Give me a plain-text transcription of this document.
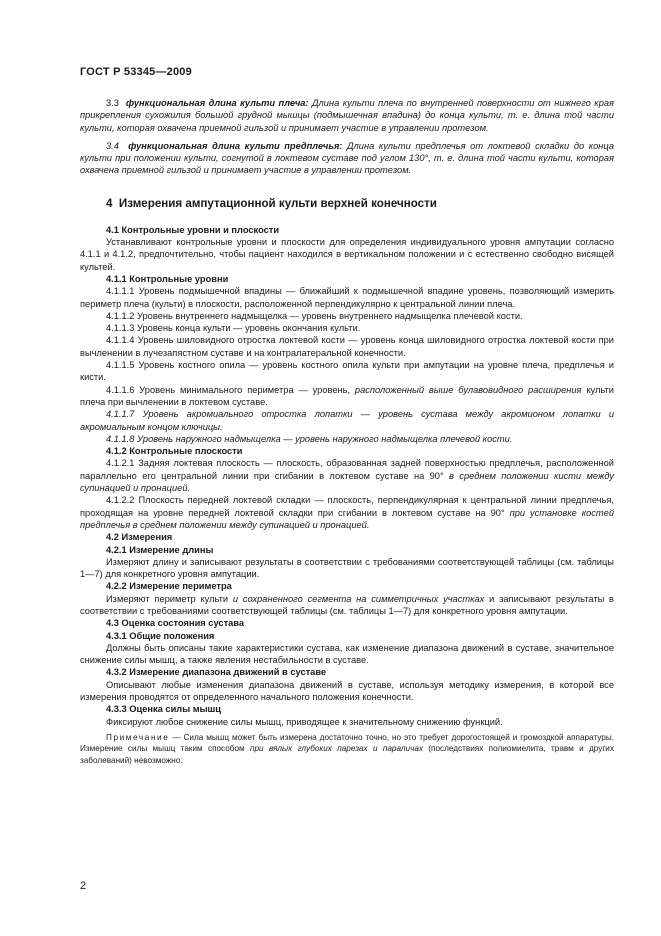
ГОСТ Р 53345—2009

3.3 функциональная длина культи плеча: Длина культи плеча по внутренней поверхности от нижнего края прикрепления сухожилия большой грудной мышцы (подмышечная впадина) до конца культи, т. е. длина той части культи, которая охвачена приемной гильзой и принимает участие в управлении протезом.

3.4 функциональная длина культи предплечья: Длина культи предплечья от локтевой складки до конца культи при положении культи, согнутой в локтевом суставе под углом 130°, т. е. длина той части культи, которая охвачена приемной гильзой и принимает участие в управлении протезом.

4 Измерения ампутационной культи верхней конечности

4.1 Контрольные уровни и плоскости

Устанавливают контрольные уровни и плоскости для определения индивидуального уровня ампутации согласно 4.1.1 и 4.1.2, предпочтительно, чтобы пациент находился в вертикальном положении и с естественно свободно висящей культей.

4.1.1 Контрольные уровни

4.1.1.1 Уровень подмышечной впадины — ближайший к подмышечной впадине уровень, позволяющий измерить периметр плеча (культи) в плоскости, расположенной перпендикулярно к центральной линии плеча.

4.1.1.2 Уровень внутреннего надмыщелка — уровень внутреннего надмыщелка плечевой кости.

4.1.1.3 Уровень конца культи — уровень окончания культи.

4.1.1.4 Уровень шиловидного отростка локтевой кости — уровень конца шиловидного отростка локтевой кости при вычленении в лучезапястном суставе и на контралатеральной конечности.

4.1.1.5 Уровень костного опила — уровень костного опила культи при ампутации на уровне плеча, предплечья и кисти.

4.1.1.6 Уровень минимального периметра — уровень, расположенный выше булавовидного расширения культи плеча при вычленении в локтевом суставе.

4.1.1.7 Уровень акромиального отростка лопатки — уровень сустава между акромионом лопатки и акромиальным концом ключицы.

4.1.1.8 Уровень наружного надмыщелка — уровень наружного надмыщелка плечевой кости.

4.1.2 Контрольные плоскости

4.1.2.1 Задняя локтевая плоскость — плоскость, образованная задней поверхностью предплечья, расположенной параллельно его центральной линии при сгибании в локтевом суставе на 90° в среднем положении кисти между супинацией и пронацией.

4.1.2.2 Плоскость передней локтевой складки — плоскость, перпендикулярная к центральной линии предплечья, проходящая на уровне передней локтевой складки при сгибании в локтевом суставе на 90° при установке костей предплечья в среднем положении между супинацией и пронацией.

4.2 Измерения

4.2.1 Измерение длины

Измеряют длину и записывают результаты в соответствии с требованиями соответствующей таблицы (см. таблицы 1—7) для конкретного уровня ампутации.

4.2.2 Измерение периметра

Измеряют периметр культи и сохраненного сегмента на симметричных участках и записывают результаты в соответствии с требованиями соответствующей таблицы (см. таблицы 1—7) для конкретного уровня ампутации.

4.3 Оценка состояния сустава

4.3.1 Общие положения

Должны быть описаны такие характеристики сустава, как изменение диапазона движений в суставе, значительное снижение силы мышц, а также явления нестабильности в суставе.

4.3.2 Измерение диапазона движений в суставе

Описывают любые изменения диапазона движений в суставе, используя методику измерения, в которой все измерения проводятся от определенного начального положения конечности.

4.3.3 Оценка силы мышц

Фиксируют любое снижение силы мышц, приводящее к значительному снижению функций.

Примечание — Сила мышц может быть измерена достаточно точно, но это требует дорогостоящей и громоздкой аппаратуры. Измерение силы мышц таким способом при вялых глубоких парезах и параличах (последствиях полиомиелита, травм и других заболеваний) невозможно.

2
